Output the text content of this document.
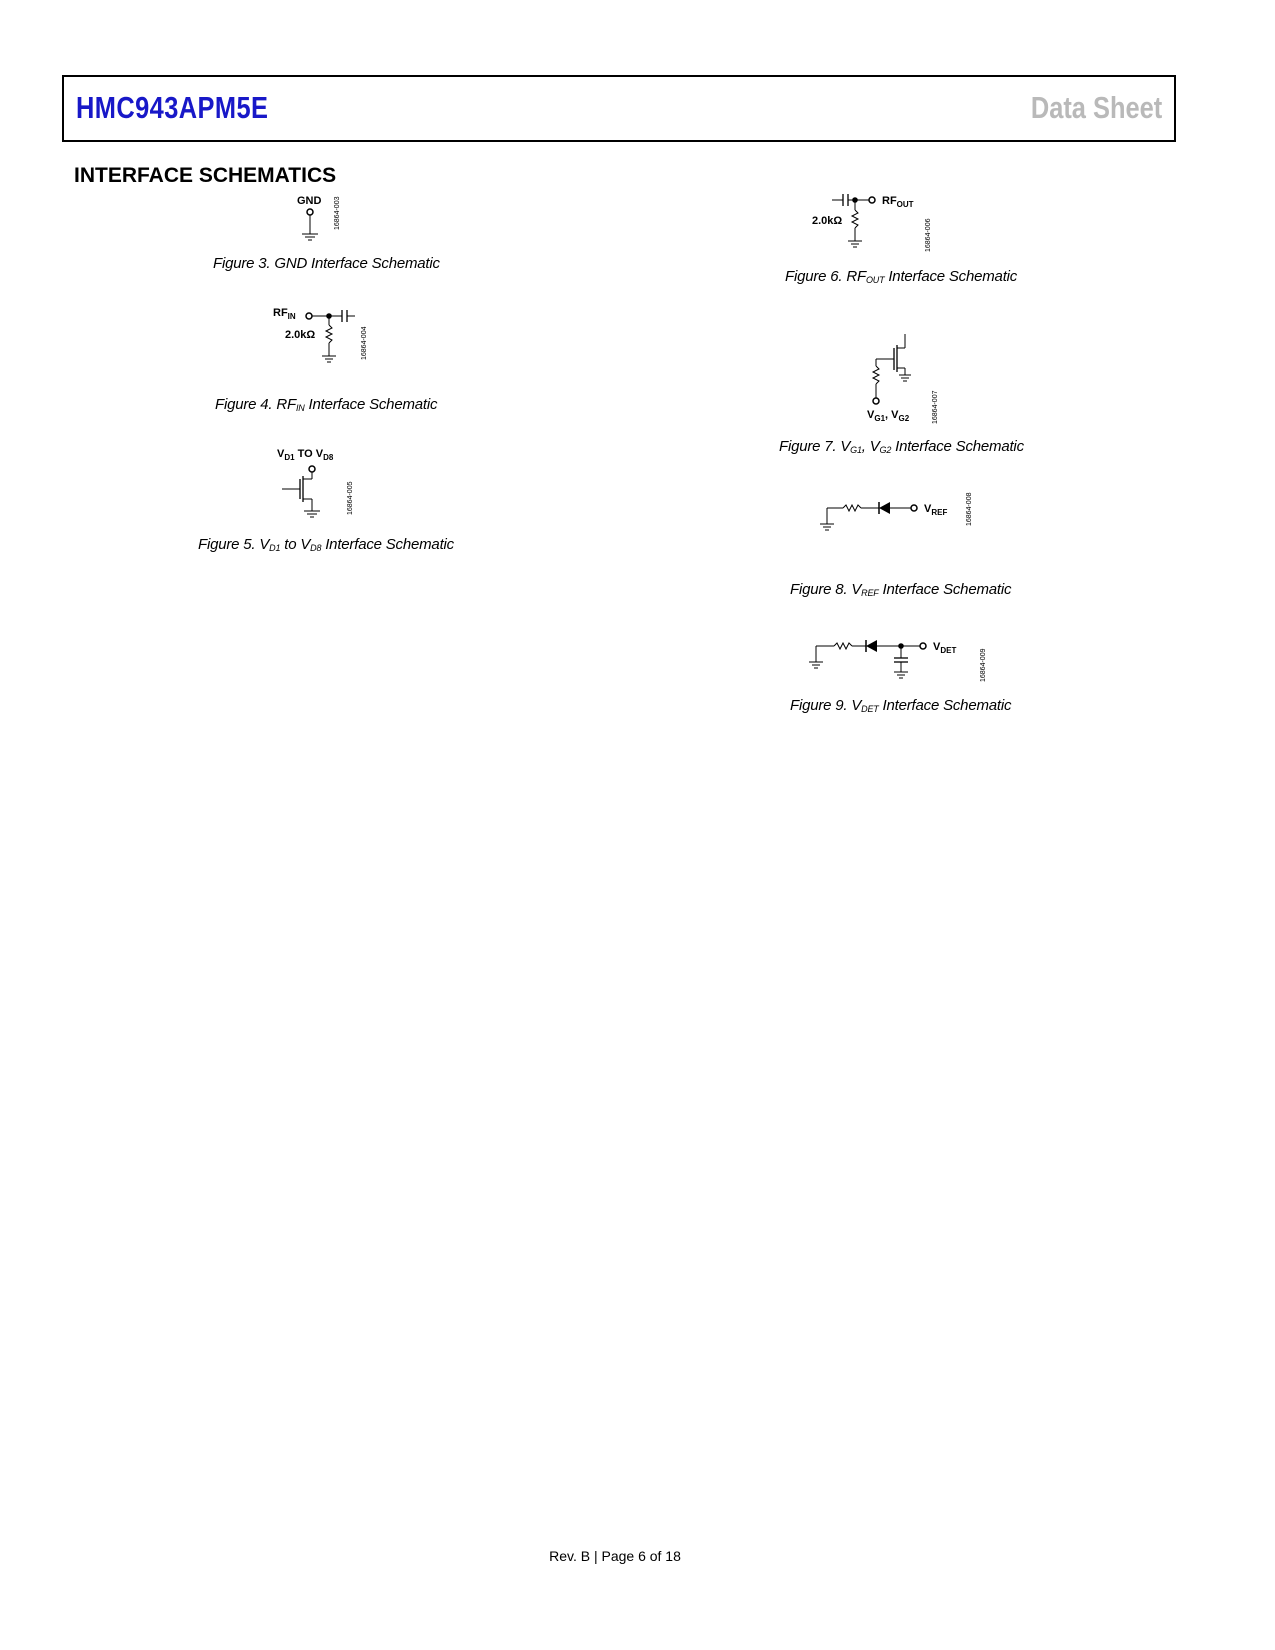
HMC943APM5E	Data Sheet
INTERFACE SCHEMATICS
GND 16864-003
Figure 3. GND Interface Schematic
$RF_{IN}$
2.0kΩ	16864-004
Figure 4. $RF_{IN}$ Interface Schematic
$V_{D1}$ TO $V_{D8}$
16864-005
Figure 5. $V_{D1}$ to $V_{D8}$ Interface Schematic
$RF_{OUT}$
2.0kΩ	16864-006
Figure 6. $RF_{OUT}$ Interface Schematic
$V_{G1}$, $V_{G2}$	16864-007
Figure 7. $V_{G1}$, $V_{G2}$ Interface Schematic
$V_{REF}$	16864-008
Figure 8. $V_{REF}$ Interface Schematic
$V_{DET}$	16864-009
Figure 9. $V_{DET}$ Interface Schematic
Rev. B | Page 6 of 18
